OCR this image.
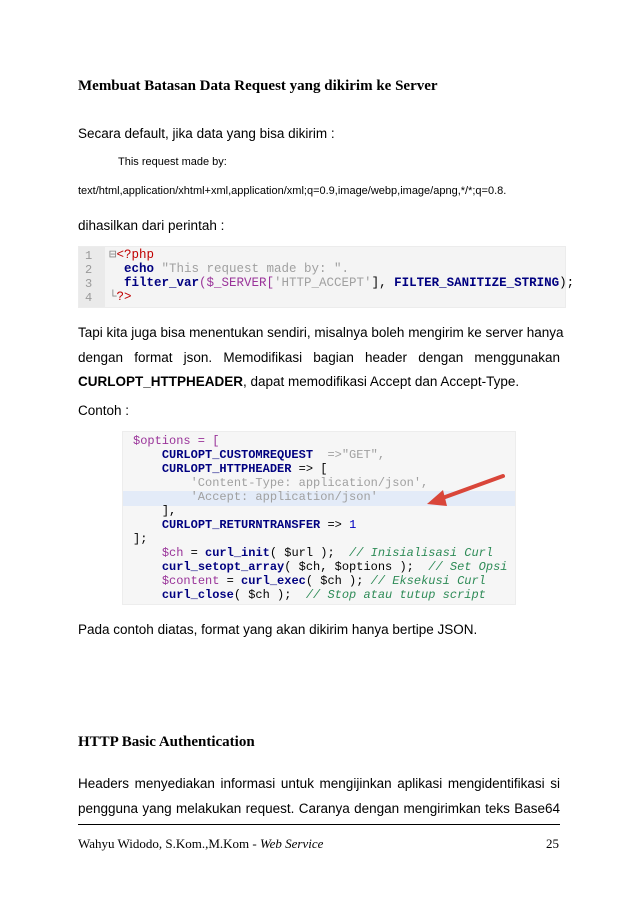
Membuat Batasan Data Request yang dikirim ke Server
Secara default, jika data yang bisa dikirim :
This request made by:
text/html,application/xhtml+xml,application/xml;q=0.9,image/webp,image/apng,*/*;q=0.8.
dihasilkan dari perintah :
1
2
3
4
⊟<?php
echo "This request made by: ".
filter_var($_SERVER['HTTP_ACCEPT'], FILTER_SANITIZE_STRING);
└?>
Tapi kita juga bisa menentukan sendiri, misalnya boleh mengirim ke server hanya
dengan format json. Memodifikasi bagian header dengan menggunakan
CURLOPT_HTTPHEADER, dapat memodifikasi Accept dan Accept-Type.
Contoh :
$options = [
CURLOPT_CUSTOMREQUEST  =>"GET",
CURLOPT_HTTPHEADER => [
'Content-Type: application/json',
'Accept: application/json'
],
CURLOPT_RETURNTRANSFER => 1
];
$ch = curl_init( $url );  // Inisialisasi Curl
curl_setopt_array( $ch, $options );  // Set Opsi
$content = curl_exec( $ch ); // Eksekusi Curl
curl_close( $ch );  // Stop atau tutup script
Pada contoh diatas, format yang akan dikirim hanya bertipe JSON.
HTTP Basic Authentication
Headers menyediakan informasi untuk mengijinkan aplikasi mengidentifikasi si
pengguna yang melakukan request. Caranya dengan mengirimkan teks Base64
Wahyu Widodo, S.Kom.,M.Kom - Web Service	25
